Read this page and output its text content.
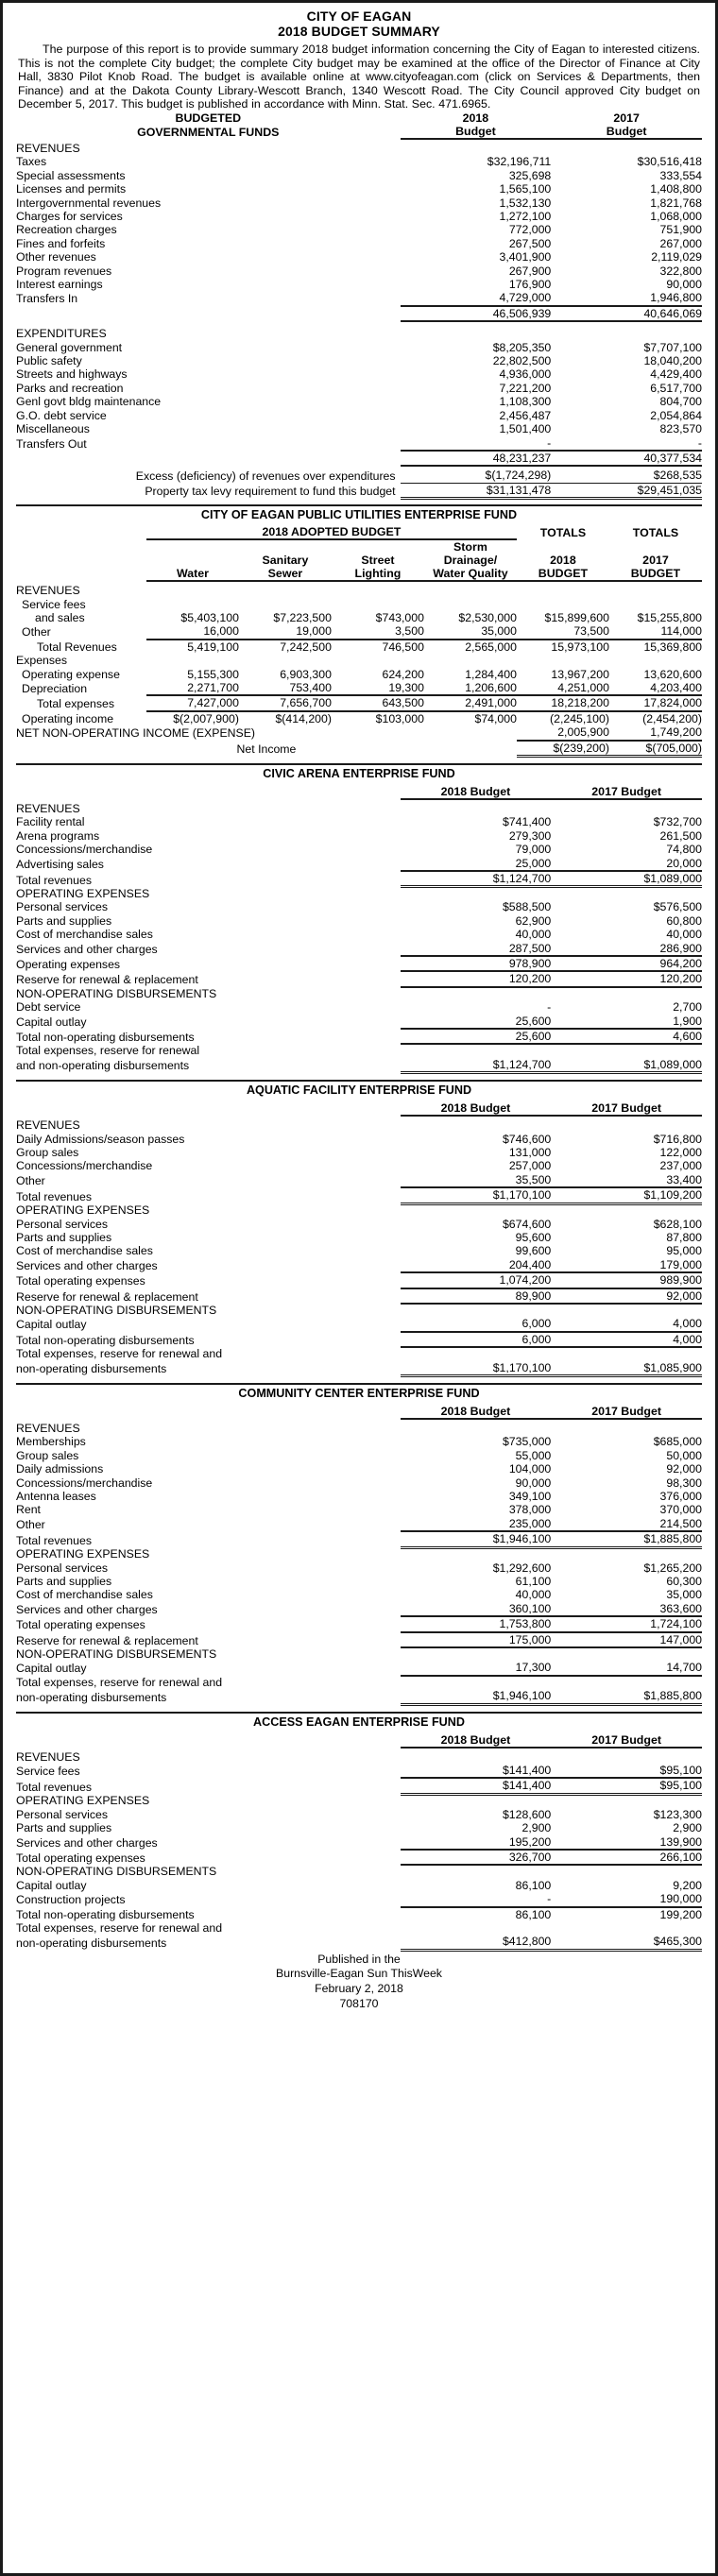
CITY OF EAGAN
2018 BUDGET SUMMARY
The purpose of this report is to provide summary 2018 budget information concerning the City of Eagan to interested citizens. This is not the complete City budget; the complete City budget may be examined at the office of the Director of Finance at City Hall, 3830 Pilot Knob Road. The budget is available online at www.cityofeagan.com (click on Services & Departments, then Finance) and at the Dakota County Library-Wescott Branch, 1340 Wescott Road. The City Council approved City budget on December 5, 2017. This budget is published in accordance with Minn. Stat. Sec. 471.6965.
BUDGETED	2018	2017
GOVERNMENTAL FUNDS	Budget	Budget

REVENUES		
Taxes	$32,196,711	$30,516,418
Special assessments	325,698	333,554
Licenses and permits	1,565,100	1,408,800
Intergovernmental revenues	1,532,130	1,821,768
Charges for services	1,272,100	1,068,000
Recreation charges	772,000	751,900
Fines and forfeits	267,500	267,000
Other revenues	3,401,900	2,119,029
Program revenues	267,900	322,800
Interest earnings	176,900	90,000
Transfers In	4,729,000	1,946,800
	46,506,939	40,646,069

EXPENDITURES		
General government	$8,205,350	$7,707,100
Public safety	22,802,500	18,040,200
Streets and highways	4,936,000	4,429,400
Parks and recreation	7,221,200	6,517,700
Genl govt bldg maintenance	1,108,300	804,700
G.O. debt service	2,456,487	2,054,864
Miscellaneous	1,501,400	823,570
Transfers Out	-	-
	48,231,237	40,377,534

Excess (deficiency) of revenues over expenditures	$(1,724,298)	$268,535
Property tax levy requirement to fund this budget	$31,131,478	$29,451,035
CITY OF EAGAN PUBLIC UTILITIES ENTERPRISE FUND
	2018 ADOPTED BUDGET				TOTALS	TOTALS
				Storm		
		Sanitary	Street	Drainage/	2018	2017
	Water	Sewer	Lighting	Water Quality	BUDGET	BUDGET

REVENUES						
Service fees						
and sales	$5,403,100	$7,223,500	$743,000	$2,530,000	$15,899,600	$15,255,800
Other	16,000	19,000	3,500	35,000	73,500	114,000
Total Revenues	5,419,100	7,242,500	746,500	2,565,000	15,973,100	15,369,800
Expenses						
Operating expense	5,155,300	6,903,300	624,200	1,284,400	13,967,200	13,620,600
Depreciation	2,271,700	753,400	19,300	1,206,600	4,251,000	4,203,400
Total expenses	7,427,000	7,656,700	643,500	2,491,000	18,218,200	17,824,000
Operating income	$(2,007,900)	$(414,200)	$103,000	$74,000	(2,245,100)	(2,454,200)
NET NON-OPERATING INCOME (EXPENSE)					2,005,900	1,749,200
Net Income					$(239,200)	$(705,000)
CIVIC ARENA ENTERPRISE FUND
	2018 Budget	2017 Budget

REVENUES		
Facility rental	$741,400	$732,700
Arena programs	279,300	261,500
Concessions/merchandise	79,000	74,800
Advertising sales	25,000	20,000
Total revenues	$1,124,700	$1,089,000
OPERATING EXPENSES		
Personal services	$588,500	$576,500
Parts and supplies	62,900	60,800
Cost of merchandise sales	40,000	40,000
Services and other charges	287,500	286,900
Operating expenses	978,900	964,200
Reserve for renewal & replacement	120,200	120,200
NON-OPERATING DISBURSEMENTS		
Debt service	-	2,700
Capital outlay	25,600	1,900
Total non-operating disbursements	25,600	4,600
Total expenses, reserve for renewal		
and non-operating disbursements	$1,124,700	$1,089,000
AQUATIC FACILITY ENTERPRISE FUND
	2018 Budget	2017 Budget

REVENUES		
Daily Admissions/season passes	$746,600	$716,800
Group sales	131,000	122,000
Concessions/merchandise	257,000	237,000
Other	35,500	33,400
Total revenues	$1,170,100	$1,109,200
OPERATING EXPENSES		
Personal services	$674,600	$628,100
Parts and supplies	95,600	87,800
Cost of merchandise sales	99,600	95,000
Services and other charges	204,400	179,000
Total operating expenses	1,074,200	989,900
Reserve for renewal & replacement	89,900	92,000
NON-OPERATING DISBURSEMENTS		
Capital outlay	6,000	4,000
Total non-operating disbursements	6,000	4,000
Total expenses, reserve for renewal and		
non-operating disbursements	$1,170,100	$1,085,900
COMMUNITY CENTER ENTERPRISE FUND
	2018 Budget	2017 Budget

REVENUES		
Memberships	$735,000	$685,000
Group sales	55,000	50,000
Daily admissions	104,000	92,000
Concessions/merchandise	90,000	98,300
Antenna leases	349,100	376,000
Rent	378,000	370,000
Other	235,000	214,500
Total revenues	$1,946,100	$1,885,800
OPERATING EXPENSES		
Personal services	$1,292,600	$1,265,200
Parts and supplies	61,100	60,300
Cost of merchandise sales	40,000	35,000
Services and other charges	360,100	363,600
Total operating expenses	1,753,800	1,724,100
Reserve for renewal & replacement	175,000	147,000
NON-OPERATING DISBURSEMENTS		
Capital outlay	17,300	14,700
Total expenses, reserve for renewal and		
non-operating disbursements	$1,946,100	$1,885,800
ACCESS EAGAN ENTERPRISE FUND
	2018 Budget	2017 Budget

REVENUES		
Service fees	$141,400	$95,100
Total revenues	$141,400	$95,100
OPERATING EXPENSES		
Personal services	$128,600	$123,300
Parts and supplies	2,900	2,900
Services and other charges	195,200	139,900
Total operating expenses	326,700	266,100
NON-OPERATING DISBURSEMENTS		
Capital outlay	86,100	9,200
Construction projects	-	190,000
Total non-operating disbursements	86,100	199,200
Total expenses, reserve for renewal and		
non-operating disbursements	$412,800	$465,300
Published in the
Burnsville-Eagan Sun ThisWeek
February 2, 2018
708170
